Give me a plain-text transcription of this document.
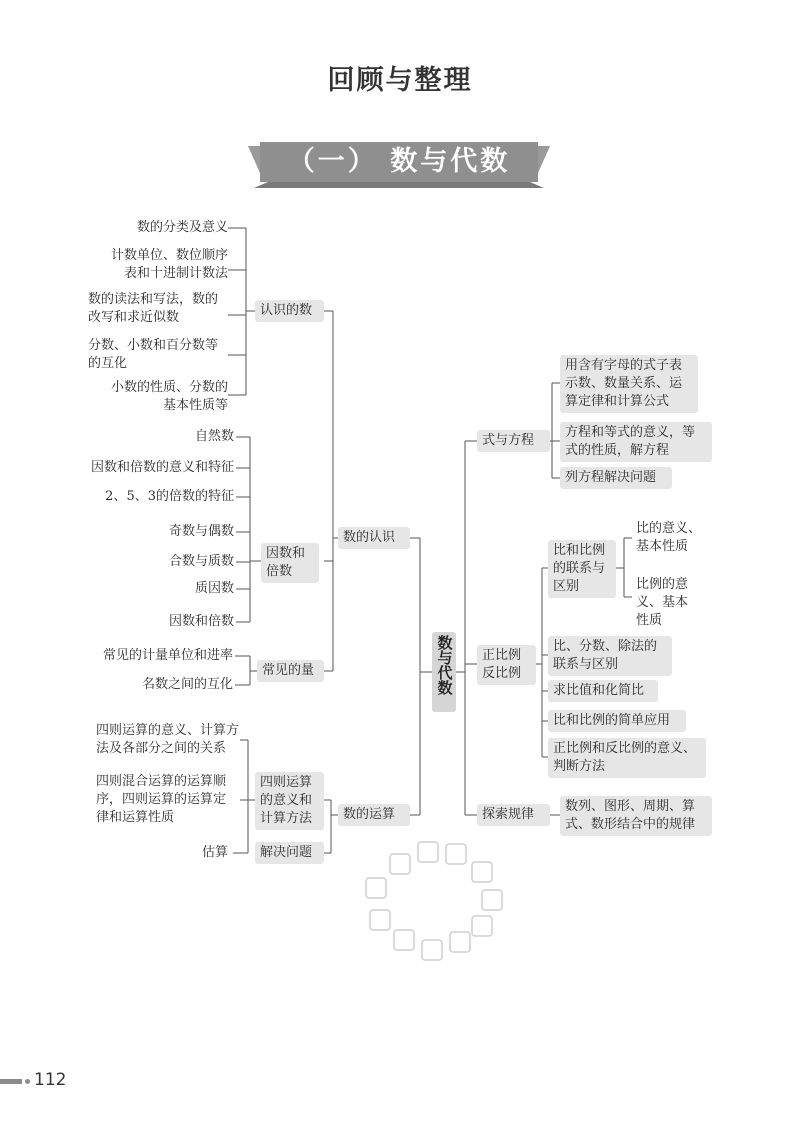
回顾与整理
（一） 数与代数
数的分类及意义
计数单位、数位顺序
表和十进制计数法
数的读法和写法，数的
改写和求近似数
分数、小数和百分数等
的互化
小数的性质、分数的
基本性质等
认识的数
自然数
因数和倍数的意义和特征
2、5、3的倍数的特征
奇数与偶数
合数与质数
质因数
因数和倍数
因数和
倍数
常见的计量单位和进率
名数之间的互化
常见的量
数的认识
四则运算的意义、计算方
法及各部分之间的关系
四则混合运算的运算顺
序，四则运算的运算定
律和运算性质
估算
四则运算
的意义和
计算方法
解决问题
数的运算
数与代数
式与方程
用含有字母的式子表
示数、数量关系、运
算定律和计算公式
方程和等式的意义，等
式的性质，解方程
列方程解决问题
正比例
反比例
比和比例
的联系与
区别
比的意义、
基本性质
比例的意
义、基本
性质
比、分数、除法的
联系与区别
求比值和化简比
比和比例的简单应用
正比例和反比例的意义、
判断方法
探索规律
数列、图形、周期、算
式、数形结合中的规律
112
